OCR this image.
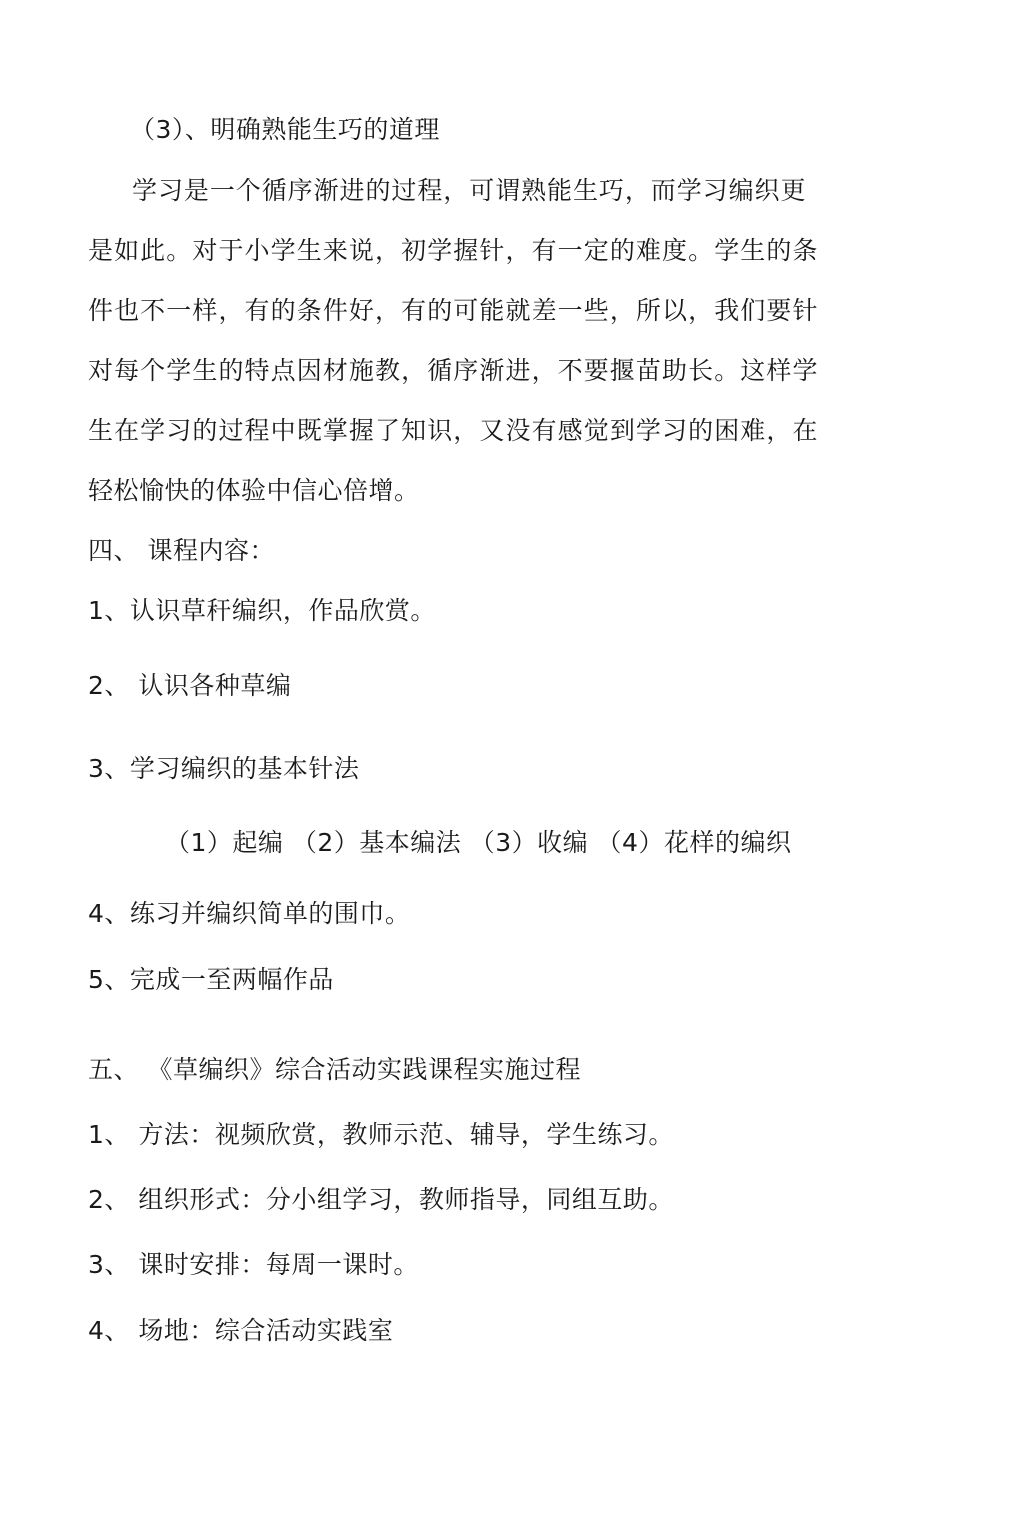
（3）、明确熟能生巧的道理
学习是一个循序渐进的过程，可谓熟能生巧，而学习编织更
是如此。对于小学生来说，初学握针，有一定的难度。学生的条
件也不一样，有的条件好，有的可能就差一些，所以，我们要针
对每个学生的特点因材施教，循序渐进，不要揠苗助长。这样学
生在学习的过程中既掌握了知识，又没有感觉到学习的困难，在
轻松愉快的体验中信心倍增。
四、 课程内容：
1、认识草秆编织，作品欣赏。
2、 认识各种草编
3、学习编织的基本针法
（1）起编 （2）基本编法 （3）收编 （4）花样的编织
4、练习并编织简单的围巾。
5、完成一至两幅作品
五、 《草编织》综合活动实践课程实施过程
1、 方法：视频欣赏，教师示范、辅导，学生练习。
2、 组织形式：分小组学习，教师指导，同组互助。
3、 课时安排：每周一课时。
4、 场地：综合活动实践室
